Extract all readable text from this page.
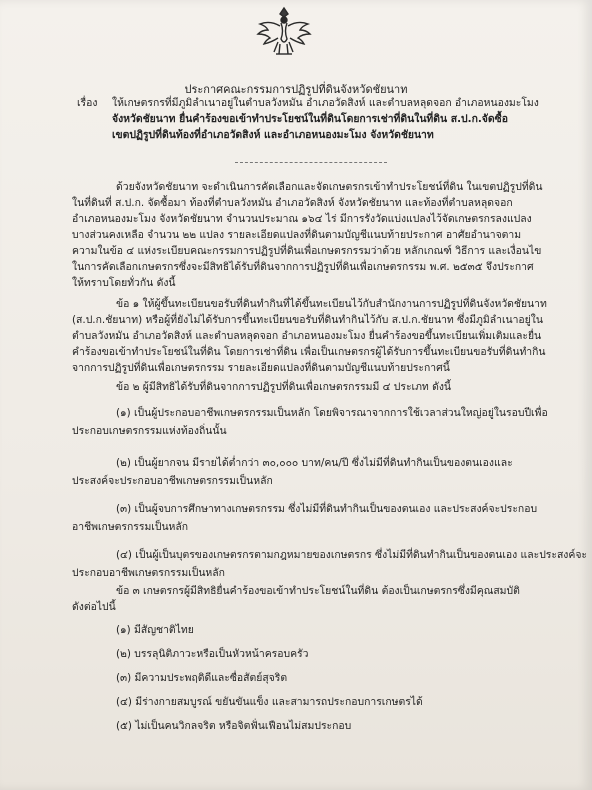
ประกาศคณะกรรมการปฏิรูปที่ดินจังหวัดชัยนาท
เรื่อง ให้เกษตรกรที่มีภูมิลำเนาอยู่ในตำบลวังหมัน อำเภอวัดสิงห์ และตำบลหลุดจอก อำเภอหนองมะโมง
จังหวัดชัยนาท ยื่นคำร้องขอเข้าทำประโยชน์ในที่ดินโดยการเช่าที่ดินในที่ดิน ส.ป.ก.จัดซื้อ
เขตปฏิรูปที่ดินท้องที่อำเภอวัดสิงห์ และอำเภอหนองมะโมง จังหวัดชัยนาท
ด้วยจังหวัดชัยนาท จะดำเนินการคัดเลือกและจัดเกษตรกรเข้าทำประโยชน์ที่ดิน ในเขตปฏิรูปที่ดิน
ในที่ดินที่ ส.ป.ก. จัดซื้อมา ท้องที่ตำบลวังหมัน อำเภอวัดสิงห์ จังหวัดชัยนาท และท้องที่ตำบลหลุดจอก
อำเภอหนองมะโมง จังหวัดชัยนาท จำนวนประมาณ ๑๖๔ ไร่ มีการรังวัดแบ่งแปลงไว้จัดเกษตรกรลงแปลง
บางส่วนคงเหลือ จำนวน ๒๒ แปลง รายละเอียดแปลงที่ดินตามบัญชีแนบท้ายประกาศ อาศัยอำนาจตาม
ความในข้อ ๔ แห่งระเบียบคณะกรรมการปฏิรูปที่ดินเพื่อเกษตรกรรมว่าด้วย หลักเกณฑ์ วิธีการ และเงื่อนไข
ในการคัดเลือกเกษตรกรซึ่งจะมีสิทธิได้รับที่ดินจากการปฏิรูปที่ดินเพื่อเกษตรกรรม พ.ศ. ๒๕๓๕ จึงประกาศ
ให้ทราบโดยทั่วกัน ดังนี้
ข้อ ๑ ให้ผู้ขึ้นทะเบียนขอรับที่ดินทำกินที่ได้ขึ้นทะเบียนไว้กับสำนักงานการปฏิรูปที่ดินจังหวัดชัยนาท
(ส.ป.ก.ชัยนาท) หรือผู้ที่ยังไม่ได้รับการขึ้นทะเบียนขอรับที่ดินทำกินไว้กับ ส.ป.ก.ชัยนาท ซึ่งมีภูมิลำเนาอยู่ใน
ตำบลวังหมัน อำเภอวัดสิงห์ และตำบลหลุดจอก อำเภอหนองมะโมง ยื่นคำร้องขอขึ้นทะเบียนเพิ่มเติมและยื่น
คำร้องขอเข้าทำประโยชน์ในที่ดิน โดยการเช่าที่ดิน เพื่อเป็นเกษตรกรผู้ได้รับการขึ้นทะเบียนขอรับที่ดินทำกิน
จากการปฏิรูปที่ดินเพื่อเกษตรกรรม รายละเอียดแปลงที่ดินตามบัญชีแนบท้ายประกาศนี้
ข้อ ๒ ผู้มีสิทธิได้รับที่ดินจากการปฏิรูปที่ดินเพื่อเกษตรกรรมมี ๔ ประเภท ดังนี้
(๑) เป็นผู้ประกอบอาชีพเกษตรกรรมเป็นหลัก โดยพิจารณาจากการใช้เวลาส่วนใหญ่อยู่ในรอบปีเพื่อ
ประกอบเกษตรกรรมแห่งท้องถิ่นนั้น
(๒) เป็นผู้ยากจน มีรายได้ต่ำกว่า ๓๐,๐๐๐ บาท/คน/ปี ซึ่งไม่มีที่ดินทำกินเป็นของตนเองและ
ประสงค์จะประกอบอาชีพเกษตรกรรมเป็นหลัก
(๓) เป็นผู้จบการศึกษาทางเกษตรกรรม ซึ่งไม่มีที่ดินทำกินเป็นของตนเอง และประสงค์จะประกอบ
อาชีพเกษตรกรรมเป็นหลัก
(๔) เป็นผู้เป็นบุตรของเกษตรกรตามกฎหมายของเกษตรกร ซึ่งไม่มีที่ดินทำกินเป็นของตนเอง และประสงค์จะ
ประกอบอาชีพเกษตรกรรมเป็นหลัก
ข้อ ๓ เกษตรกรผู้มีสิทธิยื่นคำร้องขอเข้าทำประโยชน์ในที่ดิน ต้องเป็นเกษตรกรซึ่งมีคุณสมบัติ
ดังต่อไปนี้
(๑) มีสัญชาติไทย
(๒) บรรลุนิติภาวะหรือเป็นหัวหน้าครอบครัว
(๓) มีความประพฤติดีและซื่อสัตย์สุจริต
(๔) มีร่างกายสมบูรณ์ ขยันขันแข็ง และสามารถประกอบการเกษตรได้
(๕) ไม่เป็นคนวิกลจริต หรือจิตฟั่นเฟือนไม่สมประกอบ
